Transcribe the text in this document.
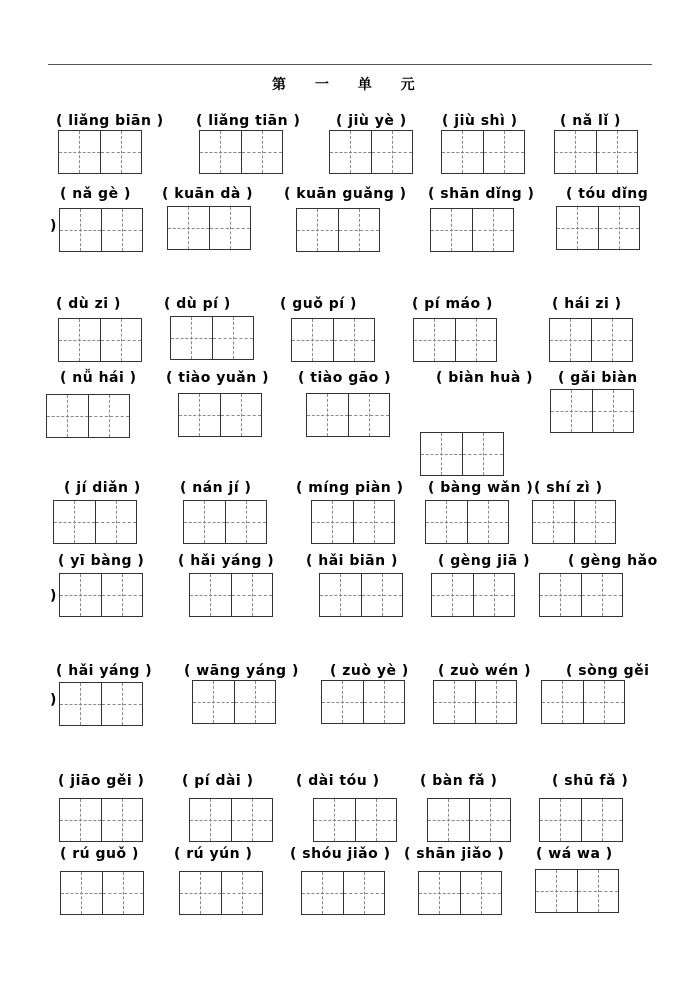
第 一 单 元
( liǎng biān ) ( liǎng tiān )	( jiù yè )	( jiù shì )	( nǎ lǐ )
( nǎ gè ) ( kuān dà ) ( kuān guǎng ) ( shān dǐng ) ( tóu dǐng
( dù zi )	( dù pí )	( guǒ pí )	( pí máo )	( hái zi )
( nǚ hái ) ( tiào yuǎn ) ( tiào gāo )	( biàn huà ) ( gǎi biàn
( jí diǎn )	( nán jí )	( míng piàn ) ( bàng wǎn ) ( shí zì )
( yī bàng ) ( hǎi yáng ) ( hǎi biān )	( gèng jiā )	( gèng hǎo
( hǎi yáng ) ( wāng yáng ) ( zuò yè ) ( zuò wén ) ( sòng gěi
( jiāo gěi )	( pí dài )	( dài tóu )	( bàn fǎ )	( shū fǎ )
( rú guǒ )	( rú yún )	( shóu jiǎo ) ( shān jiǎo ) ( wá wa )
)
)
)
